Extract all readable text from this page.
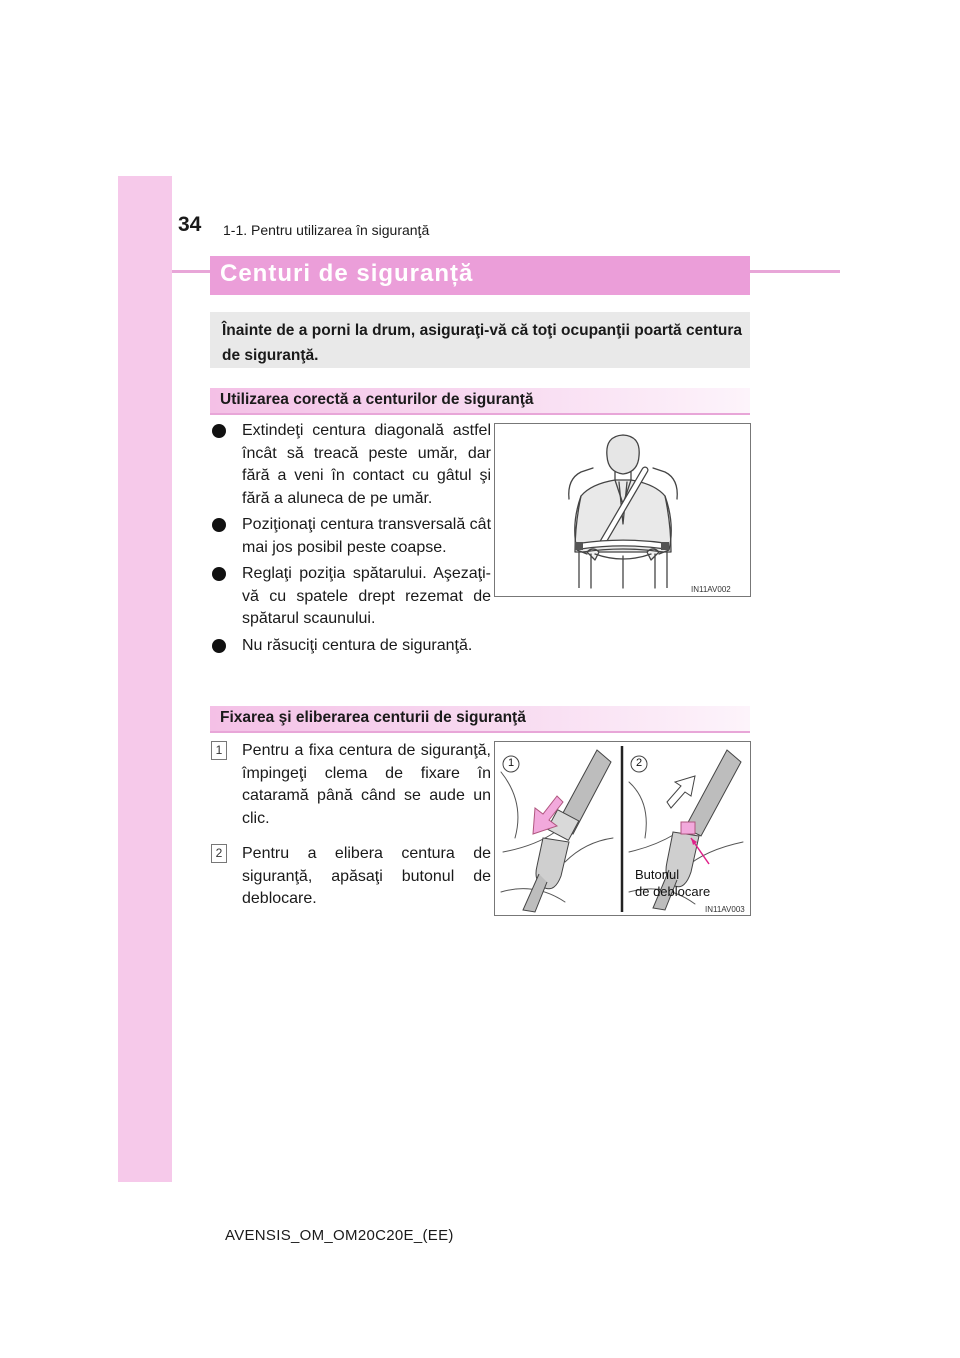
34 1-1. Pentru utilizarea în siguranţă
Centuri de siguranță
Înainte de a porni la drum, asiguraţi-vă că toţi ocupanţii poartă centura de siguranţă.
Utilizarea corectă a centurilor de siguranţă
Extindeţi centura diagonală astfel încât să treacă peste umăr, dar fără a veni în contact cu gâtul şi fără a aluneca de pe umăr.
Poziţionaţi centura transversală cât mai jos posibil peste coapse.
Reglaţi poziţia spătarului. Aşezaţi-vă cu spatele drept rezemat de spătarul scaunului.
Nu răsuciţi centura de siguranţă.
IN11AV002
Fixarea şi eliberarea centurii de siguranţă
1 Pentru a fixa centura de siguranţă, împingeţi clema de fixare în cataramă până când se aude un clic.
2 Pentru a elibera centura de siguranţă, apăsaţi butonul de deblocare.
1	2
Butonul
de deblocare
IN11AV003
AVENSIS_OM_OM20C20E_(EE)
